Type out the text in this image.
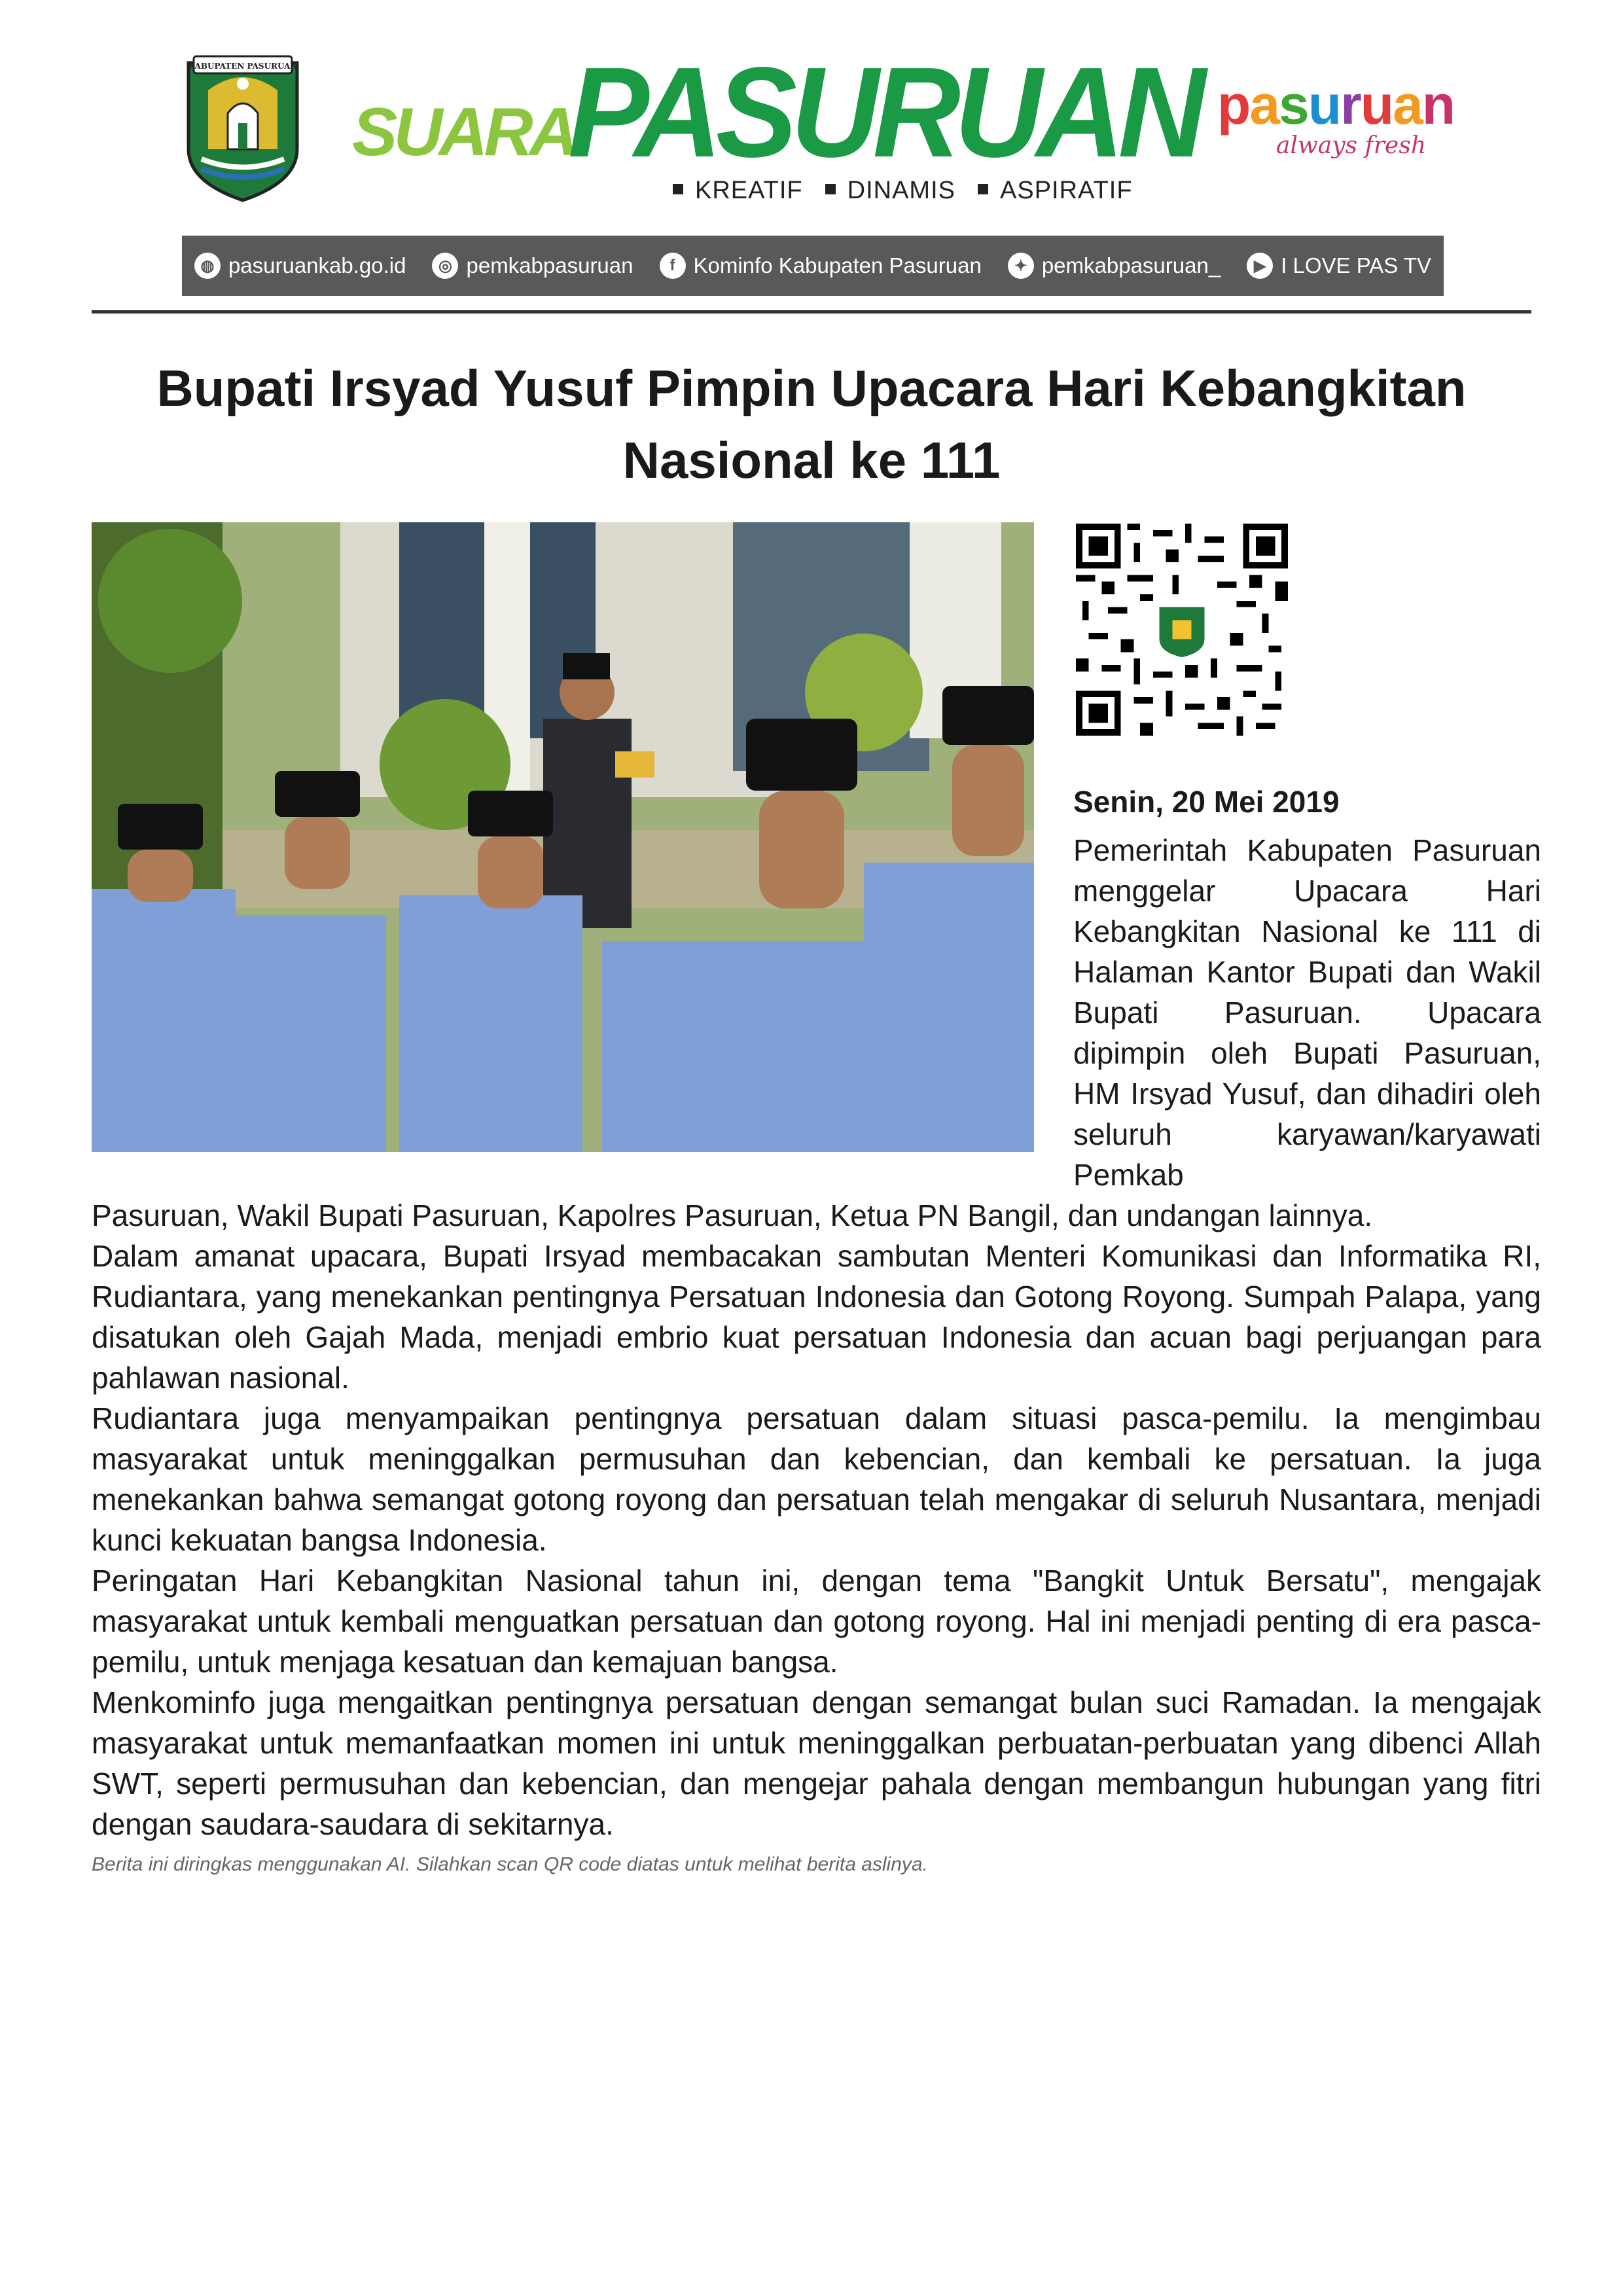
KABUPATEN PASURUAN
SUARA
PASURUAN
KREATIF	DINAMIS	ASPIRATIF
pasuruan
always fresh
◍ pasuruankab.go.id	◎ pemkabpasuruan	f Kominfo Kabupaten Pasuruan	✦ pemkabpasuruan_	▶ I LOVE PAS TV
Bupati Irsyad Yusuf Pimpin Upacara Hari Kebangkitan
Nasional ke 111
Senin, 20 Mei 2019
Pemerintah Kabupaten Pasuruan menggelar Upacara Hari Kebangkitan Nasional ke 111 di Halaman Kantor Bupati dan Wakil Bupati Pasuruan. Upacara dipimpin oleh Bupati Pasuruan, HM Irsyad Yusuf, dan dihadiri oleh seluruh karyawan/karyawati Pemkab

Pasuruan, Wakil Bupati Pasuruan, Kapolres Pasuruan, Ketua PN Bangil, dan undangan lainnya.

Dalam amanat upacara, Bupati Irsyad membacakan sambutan Menteri Komunikasi dan Informatika RI, Rudiantara, yang menekankan pentingnya Persatuan Indonesia dan Gotong Royong. Sumpah Palapa, yang disatukan oleh Gajah Mada, menjadi embrio kuat persatuan Indonesia dan acuan bagi perjuangan para pahlawan nasional.

Rudiantara juga menyampaikan pentingnya persatuan dalam situasi pasca-pemilu. Ia mengimbau masyarakat untuk meninggalkan permusuhan dan kebencian, dan kembali ke persatuan. Ia juga menekankan bahwa semangat gotong royong dan persatuan telah mengakar di seluruh Nusantara, menjadi kunci kekuatan bangsa Indonesia.

Peringatan Hari Kebangkitan Nasional tahun ini, dengan tema "Bangkit Untuk Bersatu", mengajak masyarakat untuk kembali menguatkan persatuan dan gotong royong. Hal ini menjadi penting di era pasca-pemilu, untuk menjaga kesatuan dan kemajuan bangsa.

Menkominfo juga mengaitkan pentingnya persatuan dengan semangat bulan suci Ramadan. Ia mengajak masyarakat untuk memanfaatkan momen ini untuk meninggalkan perbuatan-perbuatan yang dibenci Allah SWT, seperti permusuhan dan kebencian, dan mengejar pahala dengan membangun hubungan yang fitri dengan saudara-saudara di sekitarnya.

Berita ini diringkas menggunakan AI. Silahkan scan QR code diatas untuk melihat berita aslinya.
